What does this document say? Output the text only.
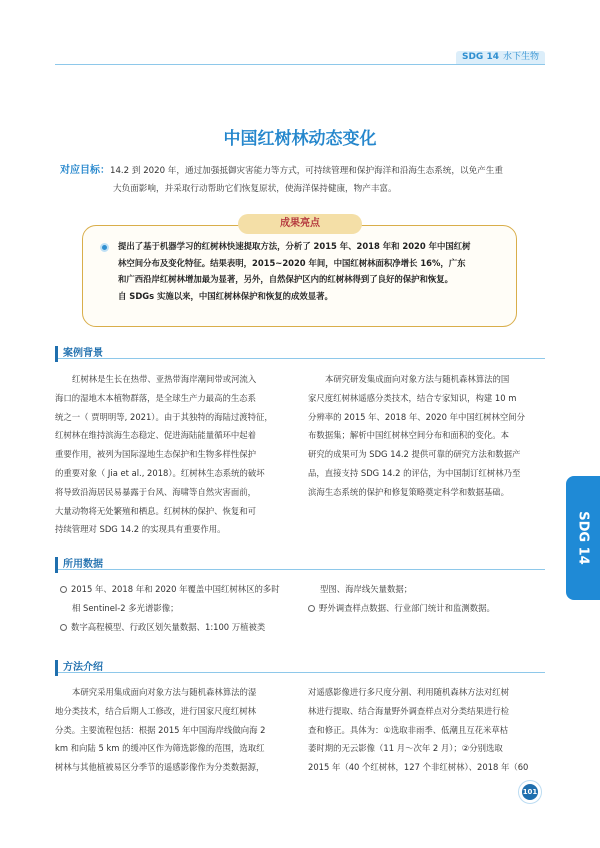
SDG 14 水下生物
中国红树林动态变化
对应目标：14.2 到 2020 年，通过加强抵御灾害能力等方式，可持续管理和保护海洋和沿海生态系统，以免产生重
大负面影响，并采取行动帮助它们恢复原状，使海洋保持健康，物产丰富。
成果亮点
提出了基于机器学习的红树林快速提取方法，分析了 2015 年、2018 年和 2020 年中国红树
林空间分布及变化特征。结果表明，2015~2020 年间，中国红树林面积净增长 16%，广东
和广西沿岸红树林增加最为显著，另外，自然保护区内的红树林得到了良好的保护和恢复。
自 SDGs 实施以来，中国红树林保护和恢复的成效显著。
案例背景
红树林是生长在热带、亚热带海岸潮间带或河流入
海口的湿地木本植物群落，是全球生产力最高的生态系
统之一（ 贾明明等, 2021）。由于其独特的海陆过渡特征，
红树林在维持滨海生态稳定、促进海陆能量循环中起着
重要作用，被列为国际湿地生态保护和生物多样性保护
的重要对象（ Jia et al., 2018）。红树林生态系统的破坏
将导致沿海居民易暴露于台风、海啸等自然灾害面前，
大量动物将无处繁殖和栖息。红树林的保护、恢复和可
持续管理对 SDG 14.2 的实现具有重要作用。
本研究研发集成面向对象方法与随机森林算法的国
家尺度红树林遥感分类技术，结合专家知识，构建 10 m
分辨率的 2015 年、2018 年、2020 年中国红树林空间分
布数据集；解析中国红树林空间分布和面积的变化。本
研究的成果可为 SDG 14.2 提供可靠的研究方法和数据产
品，直接支持 SDG 14.2 的评估，为中国制订红树林乃至
滨海生态系统的保护和修复策略奠定科学和数据基础。
所用数据
2015 年、2018 年和 2020 年覆盖中国红树林区的多时
相 Sentinel-2 多光谱影像；
数字高程模型、行政区划矢量数据、1:100 万植被类
型图、海岸线矢量数据；
野外调查样点数据、行业部门统计和监测数据。
方法介绍
本研究采用集成面向对象方法与随机森林算法的湿
地分类技术，结合后期人工修改，进行国家尺度红树林
分类。主要流程包括：根据 2015 年中国海岸线做向海 2
km 和向陆 5 km 的缓冲区作为筛选影像的范围，选取红
树林与其他植被易区分季节的遥感影像作为分类数据源，
对遥感影像进行多尺度分割、利用随机森林方法对红树
林进行提取、结合海量野外调查样点对分类结果进行检
查和修正。具体为：①选取非雨季、低潮且互花米草枯
萎时期的无云影像（11 月～次年 2 月）；②分别选取
2015 年（40 个红树林，127 个非红树林）、2018 年（60
SDG 14
101
